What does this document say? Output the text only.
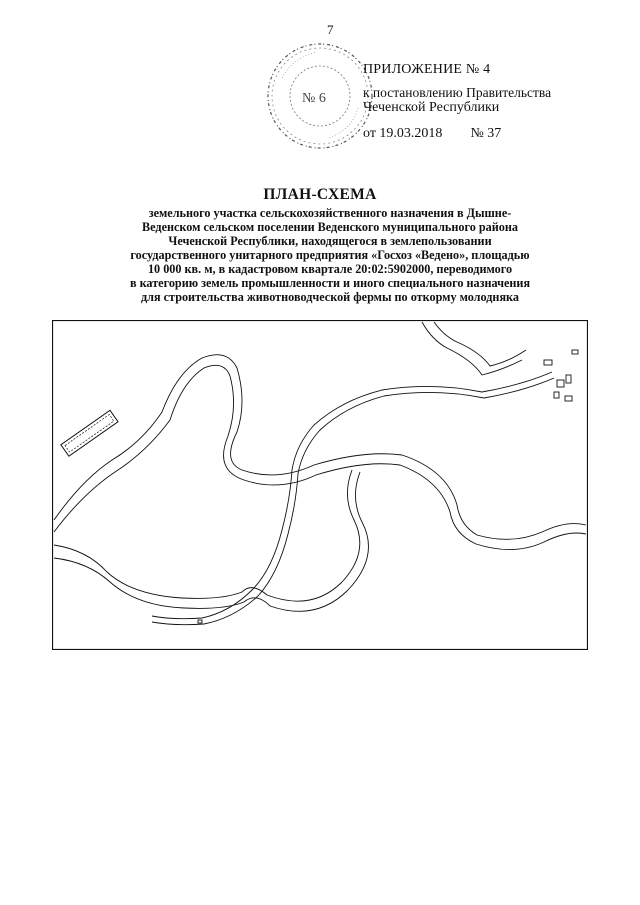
7
№ 6
ПРИЛОЖЕНИЕ № 4
к постановлению Правительства
Чеченской Республики
от 19.03.2018 № 37
ПЛАН-СХЕМА
земельного участка сельскохозяйственного назначения в Дышне-
Веденском сельском поселении Веденского муниципального района
Чеченской Республики, находящегося в землепользовании
государственного унитарного предприятия «Госхоз «Ведено», площадью
10 000 кв. м, в кадастровом квартале 20:02:5902000, переводимого
в категорию земель промышленности и иного специального назначения
для строительства животноводческой фермы по откорму молодняка
